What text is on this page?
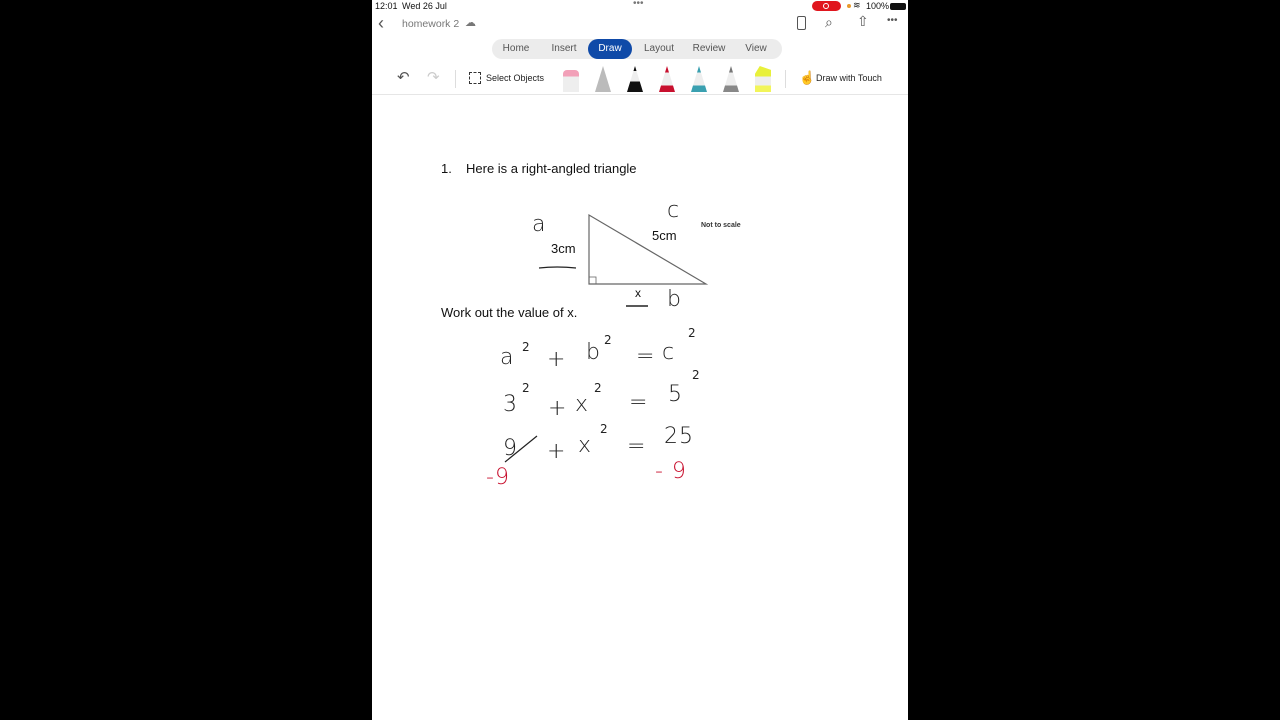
12:01 Wed 26 Jul	•••	≋ 100%
‹ homework 2 ☁	⌕ ⇧ •••
Home	Insert	Draw	Layout	Review	View
↶ ↷	Select Objects	☝ Draw with Touch
1. Here is a right-angled triangle
3cm
5cm
x
Not to scale
Work out the value of x.
a
c
b
a 2 + b 2
= c
2
3
2
+ x
2
= 5
2
9 + x
2
= 25
-9	- 9
